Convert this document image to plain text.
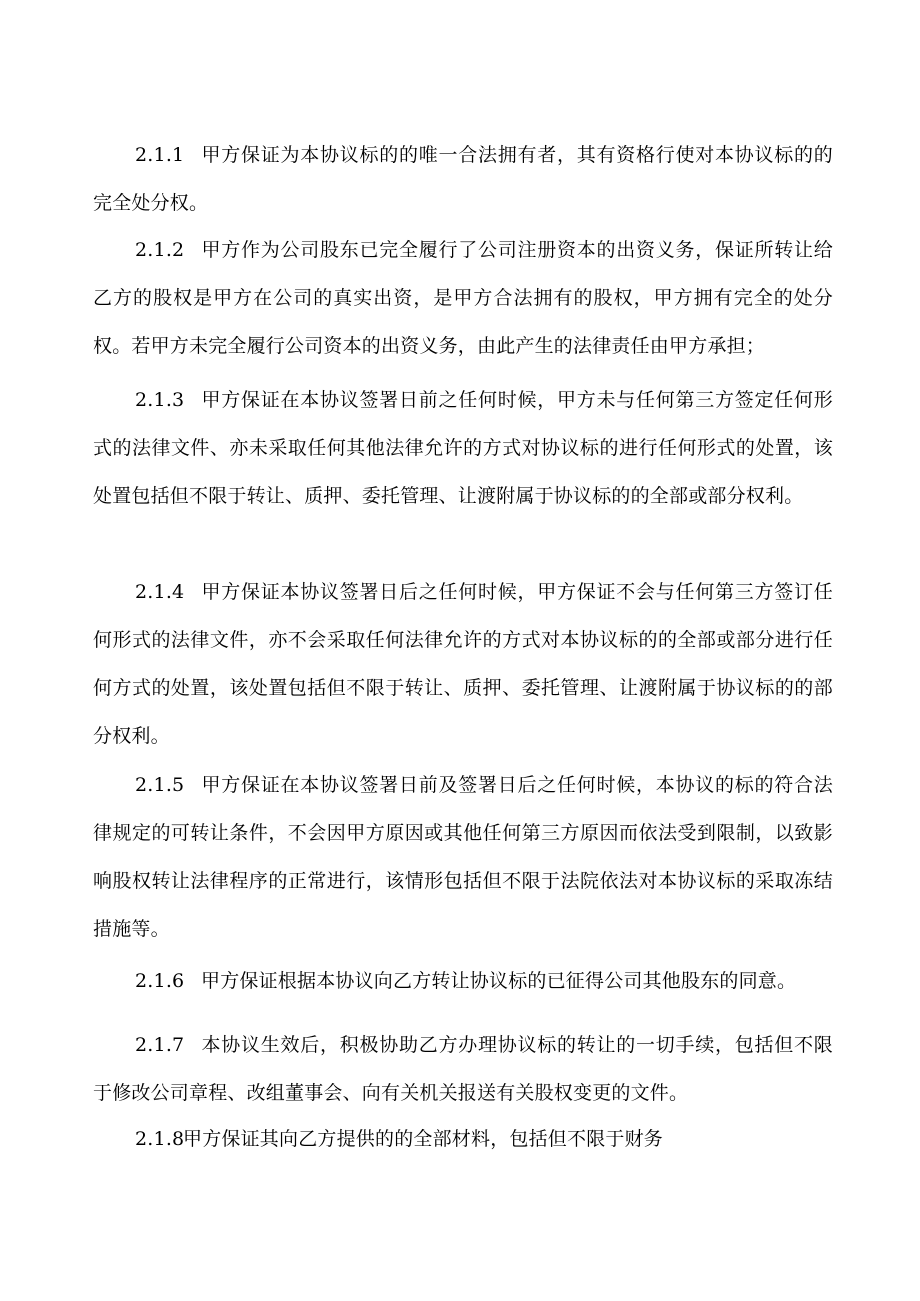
2.1.1 甲方保证为本协议标的的唯一合法拥有者，其有资格行使对本协议标的的完全处分权。

2.1.2 甲方作为公司股东已完全履行了公司注册资本的出资义务，保证所转让给乙方的股权是甲方在公司的真实出资，是甲方合法拥有的股权，甲方拥有完全的处分权。若甲方未完全履行公司资本的出资义务，由此产生的法律责任由甲方承担；

2.1.3 甲方保证在本协议签署日前之任何时候，甲方未与任何第三方签定任何形式的法律文件、亦未采取任何其他法律允许的方式对协议标的进行任何形式的处置，该处置包括但不限于转让、质押、委托管理、让渡附属于协议标的的全部或部分权利。

2.1.4 甲方保证本协议签署日后之任何时候，甲方保证不会与任何第三方签订任何形式的法律文件，亦不会采取任何法律允许的方式对本协议标的的全部或部分进行任何方式的处置，该处置包括但不限于转让、质押、委托管理、让渡附属于协议标的的部分权利。

2.1.5 甲方保证在本协议签署日前及签署日后之任何时候，本协议的标的符合法律规定的可转让条件，不会因甲方原因或其他任何第三方原因而依法受到限制，以致影响股权转让法律程序的正常进行，该情形包括但不限于法院依法对本协议标的采取冻结措施等。

2.1.6 甲方保证根据本协议向乙方转让协议标的已征得公司其他股东的同意。

2.1.7 本协议生效后，积极协助乙方办理协议标的转让的一切手续，包括但不限于修改公司章程、改组董事会、向有关机关报送有关股权变更的文件。

2.1.8甲方保证其向乙方提供的的全部材料，包括但不限于财务
